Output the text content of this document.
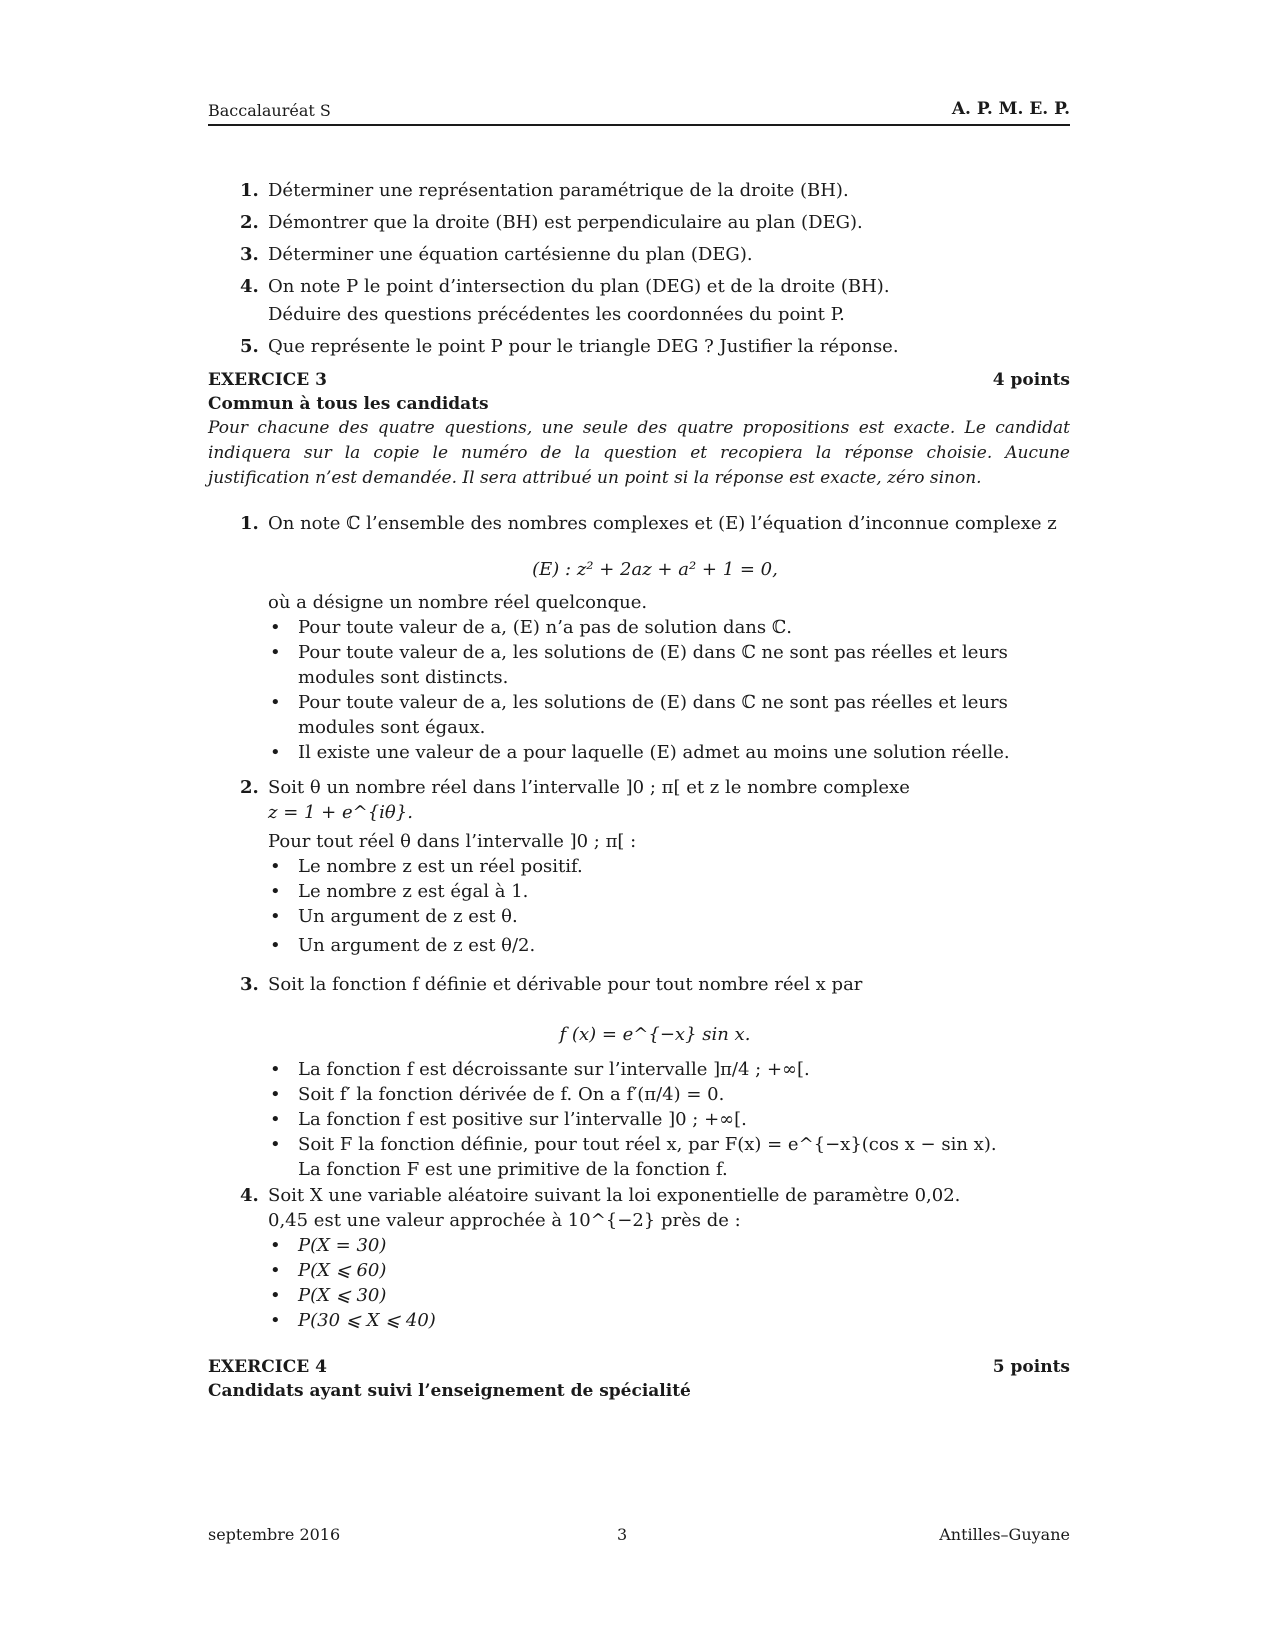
Baccalauréat S	A. P. M. E. P.
1. Déterminer une représentation paramétrique de la droite (BH).
2. Démontrer que la droite (BH) est perpendiculaire au plan (DEG).
3. Déterminer une équation cartésienne du plan (DEG).
4. On note P le point d’intersection du plan (DEG) et de la droite (BH).
Déduire des questions précédentes les coordonnées du point P.
5. Que représente le point P pour le triangle DEG ? Justifier la réponse.
EXERCICE 3	4 points
Commun à tous les candidats
Pour chacune des quatre questions, une seule des quatre propositions est exacte. Le candidat indiquera sur la copie le numéro de la question et recopiera la réponse choisie. Aucune justification n’est demandée. Il sera attribué un point si la réponse est exacte, zéro sinon.
1. On note ℂ l’ensemble des nombres complexes et (E) l’équation d’inconnue complexe z
(E) : z² + 2az + a² + 1 = 0,
où a désigne un nombre réel quelconque.
• Pour toute valeur de a, (E) n’a pas de solution dans ℂ.
• Pour toute valeur de a, les solutions de (E) dans ℂ ne sont pas réelles et leurs modules sont distincts.
• Pour toute valeur de a, les solutions de (E) dans ℂ ne sont pas réelles et leurs modules sont égaux.
• Il existe une valeur de a pour laquelle (E) admet au moins une solution réelle.
2. Soit θ un nombre réel dans l’intervalle ]0 ; π[ et z le nombre complexe
z = 1 + e^{iθ}.
Pour tout réel θ dans l’intervalle ]0 ; π[ :
• Le nombre z est un réel positif.
• Le nombre z est égal à 1.
• Un argument de z est θ.
• Un argument de z est θ/2.
3. Soit la fonction f définie et dérivable pour tout nombre réel x par
f (x) = e^{−x} sin x.
• La fonction f est décroissante sur l’intervalle ]π/4 ; +∞[.
• Soit f′ la fonction dérivée de f. On a f′(π/4) = 0.
• La fonction f est positive sur l’intervalle ]0 ; +∞[.
• Soit F la fonction définie, pour tout réel x, par F(x) = e^{−x}(cos x − sin x).
La fonction F est une primitive de la fonction f.
4. Soit X une variable aléatoire suivant la loi exponentielle de paramètre 0,02.
0,45 est une valeur approchée à 10^{−2} près de :
• P(X = 30)
• P(X ⩽ 60)
• P(X ⩽ 30)
• P(30 ⩽ X ⩽ 40)
EXERCICE 4	5 points
Candidats ayant suivi l’enseignement de spécialité
septembre 2016	3	Antilles–Guyane
